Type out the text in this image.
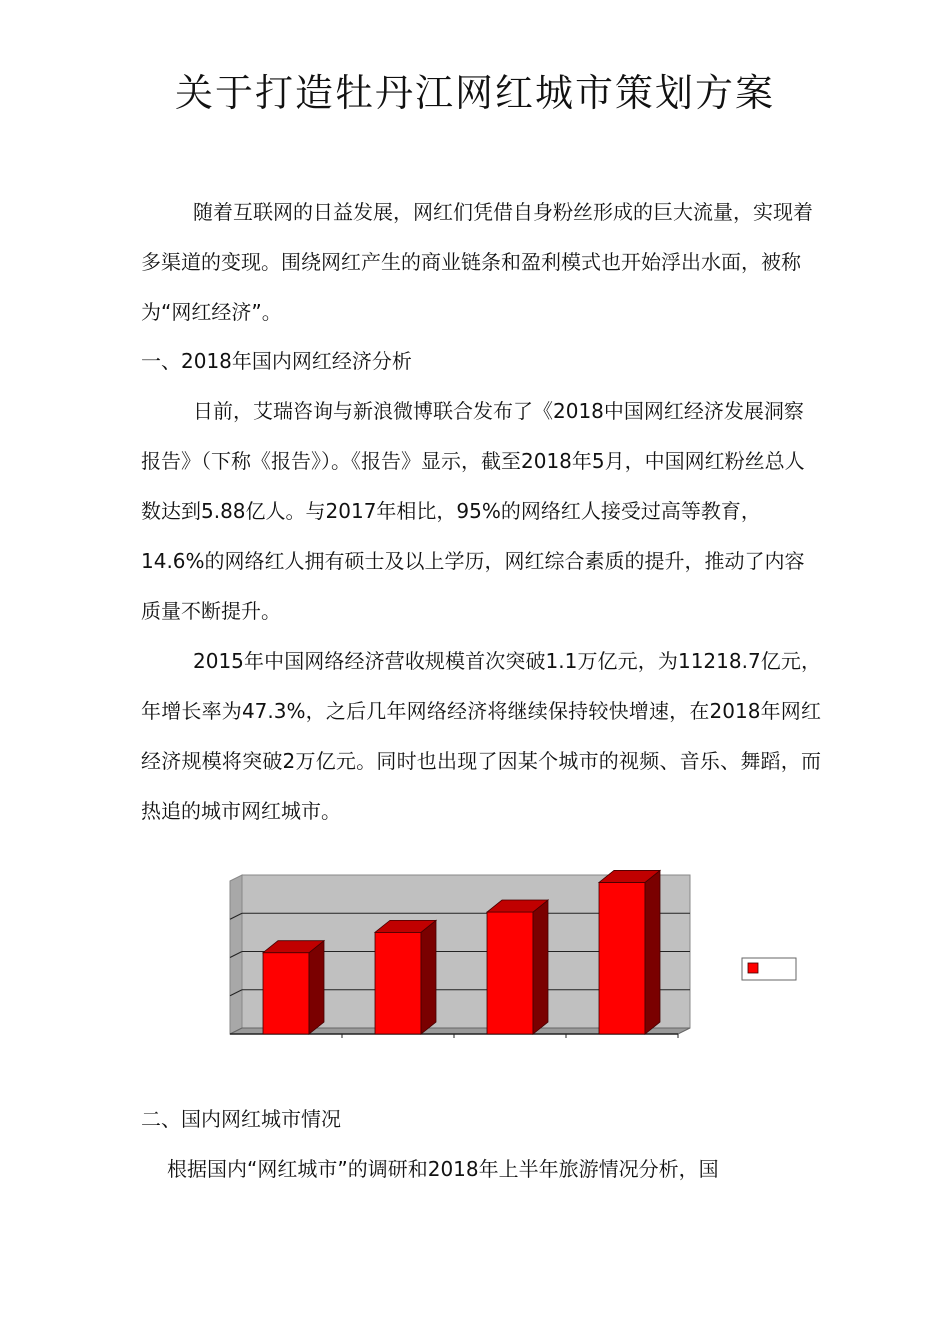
关于打造牡丹江网红城市策划方案

随着互联网的日益发展，网红们凭借自身粉丝形成的巨大流量，实现着多渠道的变现。围绕网红产生的商业链条和盈利模式也开始浮出水面，被称为“网红经济”。

一、2018年国内网红经济分析

日前，艾瑞咨询与新浪微博联合发布了《2018中国网红经济发展洞察报告》（下称《报告》）。《报告》显示，截至2018年5月，中国网红粉丝总人数达到5.88亿人。与2017年相比，95%的网络红人接受过高等教育，14.6%的网络红人拥有硕士及以上学历，网红综合素质的提升，推动了内容质量不断提升。

2015年中国网络经济营收规模首次突破1.1万亿元，为11218.7亿元，年增长率为47.3%，之后几年网络经济将继续保持较快增速，在2018年网红经济规模将突破2万亿元。同时也出现了因某个城市的视频、音乐、舞蹈，而热追的城市网红城市。

二、国内网红城市情况

根据国内“网红城市”的调研和2018年上半年旅游情况分析，国
